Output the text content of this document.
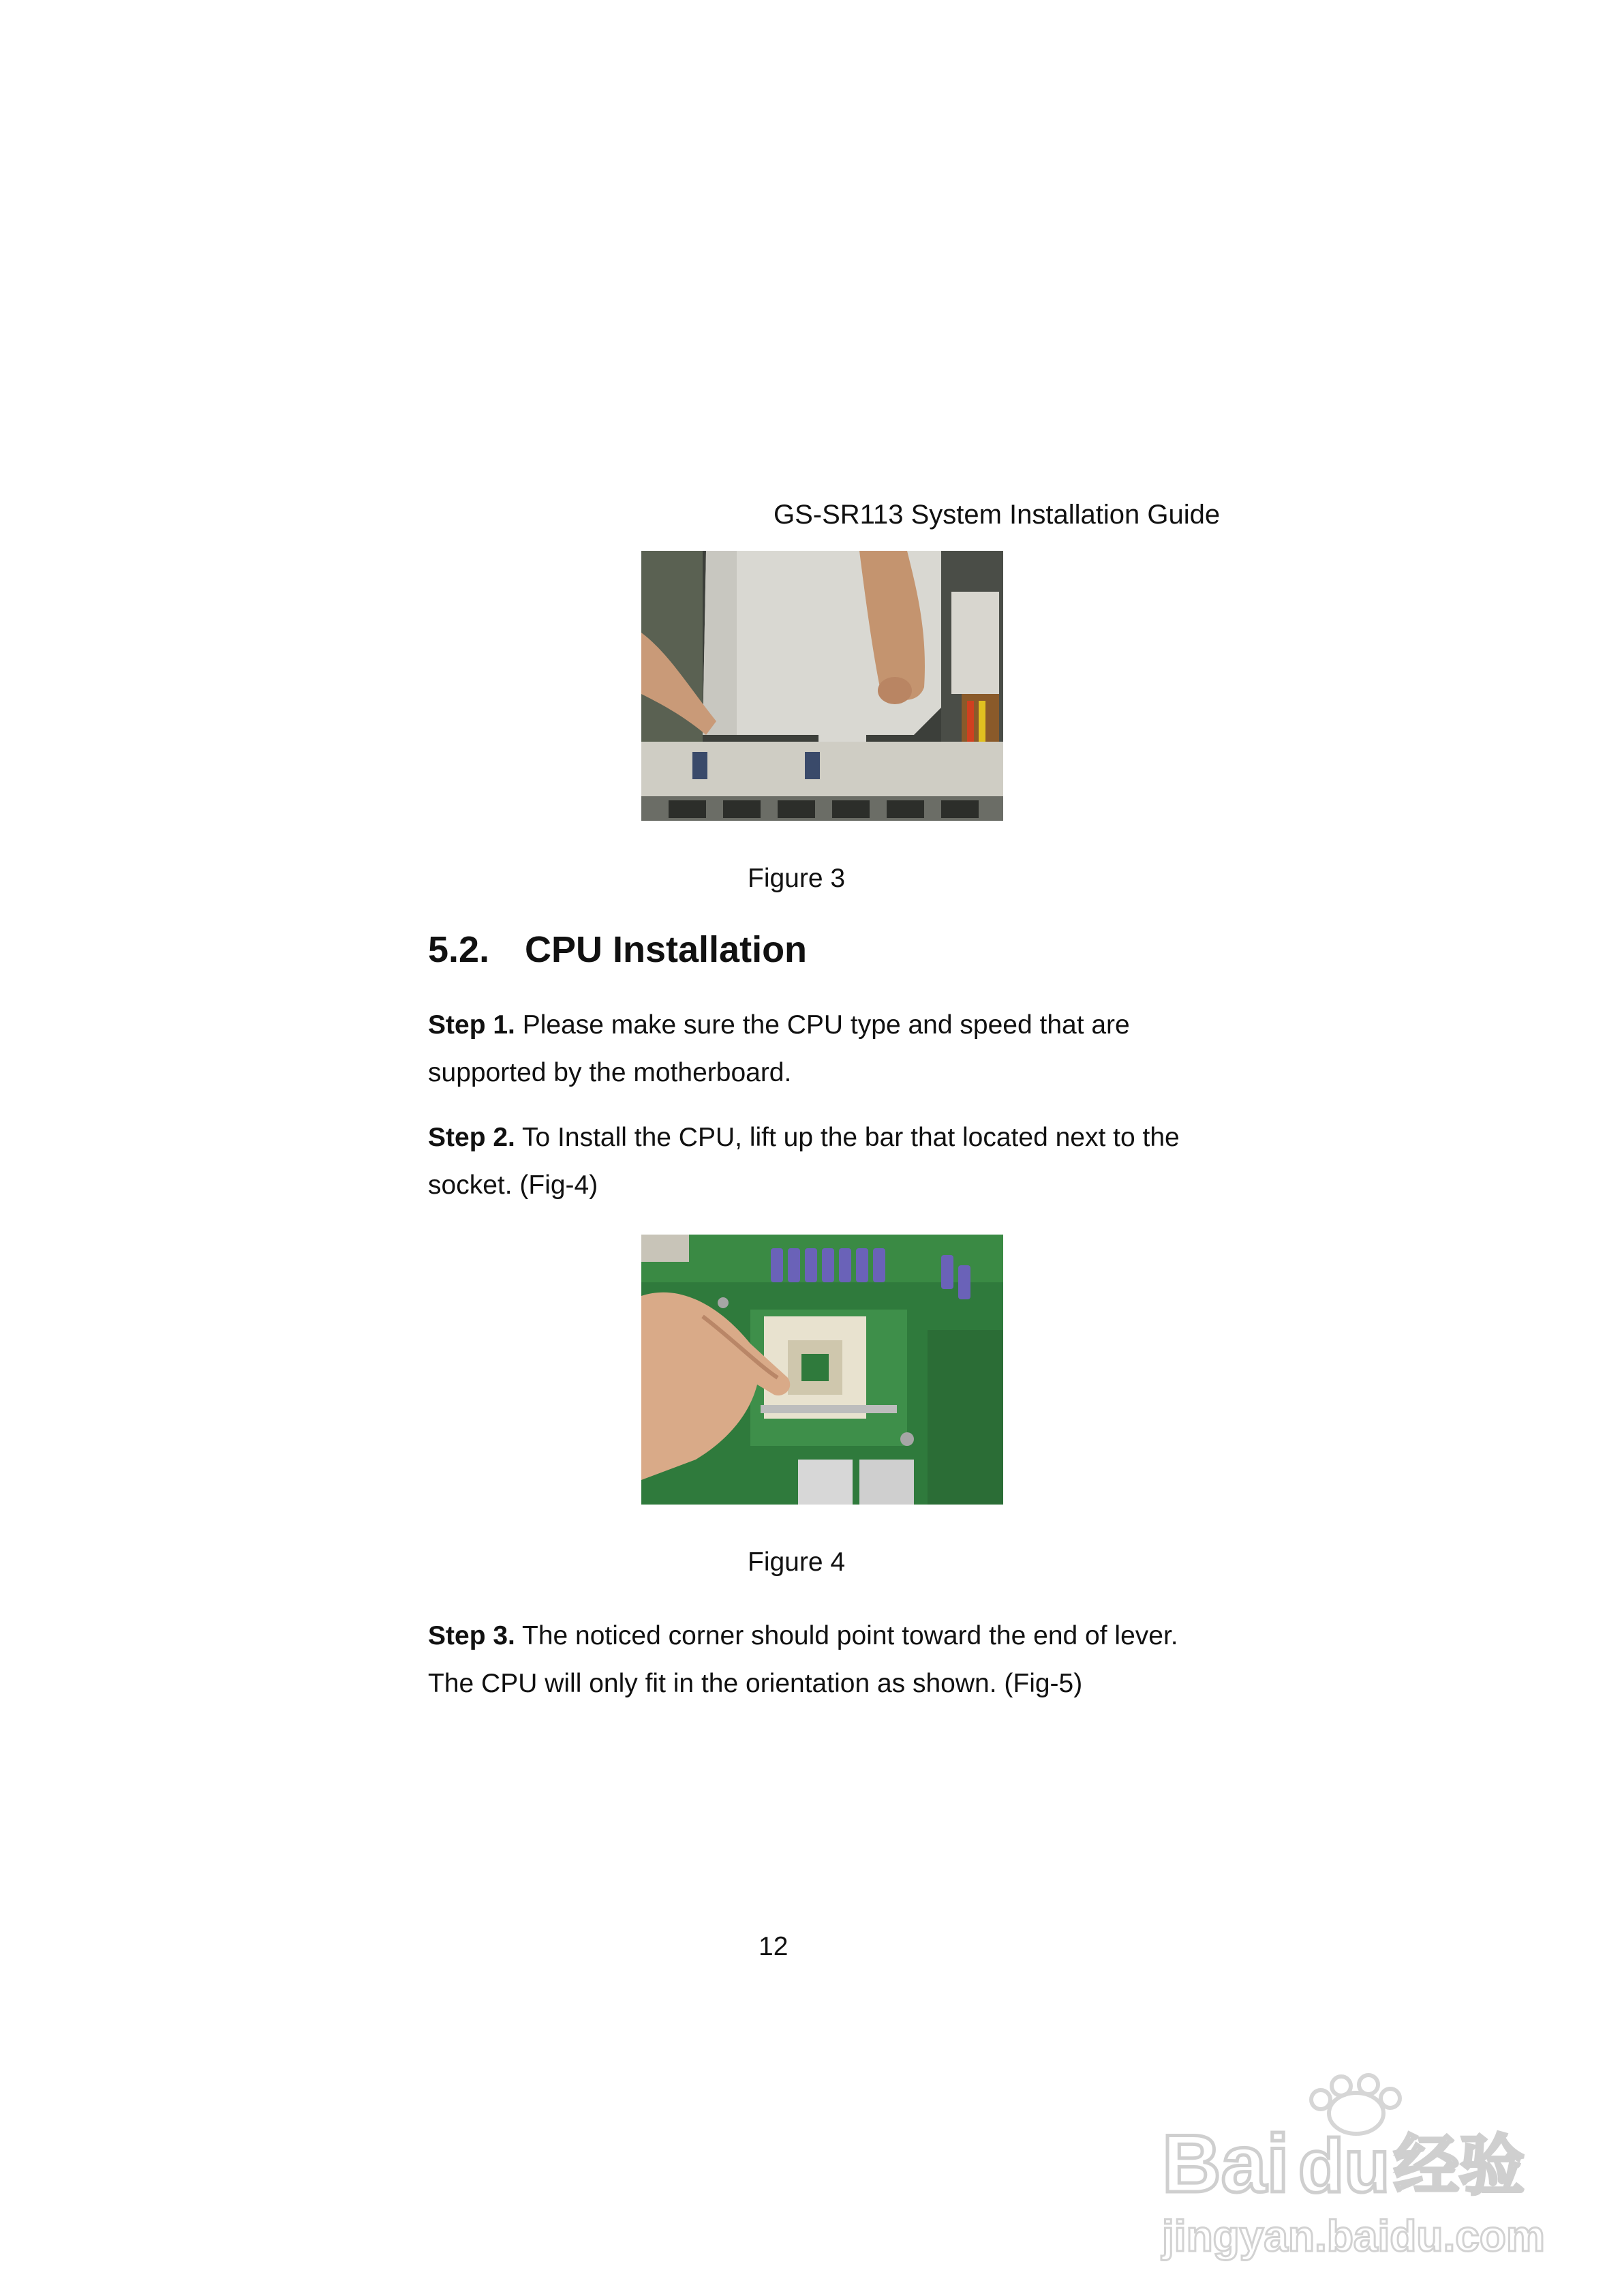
GS-SR113 System Installation Guide
Figure 3
5.2. CPU Installation
Step 1. Please make sure the CPU type and speed that are supported by the motherboard.
Step 2. To Install the CPU, lift up the bar that located next to the socket. (Fig-4)
Figure 4
Step 3. The noticed corner should point toward the end of lever. The CPU will only fit in the orientation as shown. (Fig-5)
12
Bai du 经验
jingyan.baidu.com
